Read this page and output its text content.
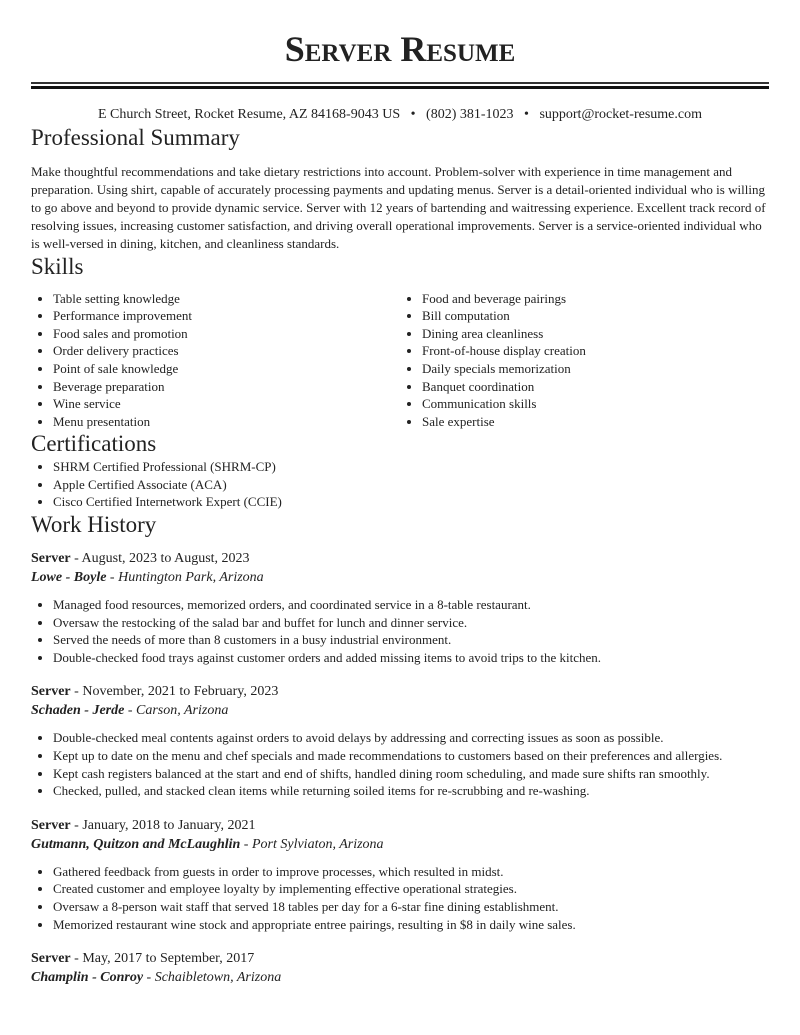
Server Resume
E Church Street, Rocket Resume, AZ 84168-9043 US • (802) 381-1023 • support@rocket-resume.com
Professional Summary

Make thoughtful recommendations and take dietary restrictions into account. Problem-solver with experience in time management and preparation. Using shirt, capable of accurately processing payments and updating menus. Server is a detail-oriented individual who is willing to go above and beyond to provide dynamic service. Server with 12 years of bartending and waitressing experience. Excellent track record of resolving issues, increasing customer satisfaction, and driving overall operational improvements. Server is a service-oriented individual who is well-versed in dining, kitchen, and cleanliness standards.

Skills
• Table setting knowledge
• Performance improvement
• Food sales and promotion
• Order delivery practices
• Point of sale knowledge
• Beverage preparation
• Wine service
• Menu presentation
• Food and beverage pairings
• Bill computation
• Dining area cleanliness
• Front-of-house display creation
• Daily specials memorization
• Banquet coordination
• Communication skills
• Sale expertise
Certifications
• SHRM Certified Professional (SHRM-CP)
• Apple Certified Associate (ACA)
• Cisco Certified Internetwork Expert (CCIE)
Work History
Server - August, 2023 to August, 2023
Lowe - Boyle - Huntington Park, Arizona
• Managed food resources, memorized orders, and coordinated service in a 8-table restaurant.
• Oversaw the restocking of the salad bar and buffet for lunch and dinner service.
• Served the needs of more than 8 customers in a busy industrial environment.
• Double-checked food trays against customer orders and added missing items to avoid trips to the kitchen.
Server - November, 2021 to February, 2023
Schaden - Jerde - Carson, Arizona
• Double-checked meal contents against orders to avoid delays by addressing and correcting issues as soon as possible.
• Kept up to date on the menu and chef specials and made recommendations to customers based on their preferences and allergies.
• Kept cash registers balanced at the start and end of shifts, handled dining room scheduling, and made sure shifts ran smoothly.
• Checked, pulled, and stacked clean items while returning soiled items for re-scrubbing and re-washing.
Server - January, 2018 to January, 2021
Gutmann, Quitzon and McLaughlin - Port Sylviaton, Arizona
• Gathered feedback from guests in order to improve processes, which resulted in midst.
• Created customer and employee loyalty by implementing effective operational strategies.
• Oversaw a 8-person wait staff that served 18 tables per day for a 6-star fine dining establishment.
• Memorized restaurant wine stock and appropriate entree pairings, resulting in $8 in daily wine sales.
Server - May, 2017 to September, 2017
Champlin - Conroy - Schaibletown, Arizona
